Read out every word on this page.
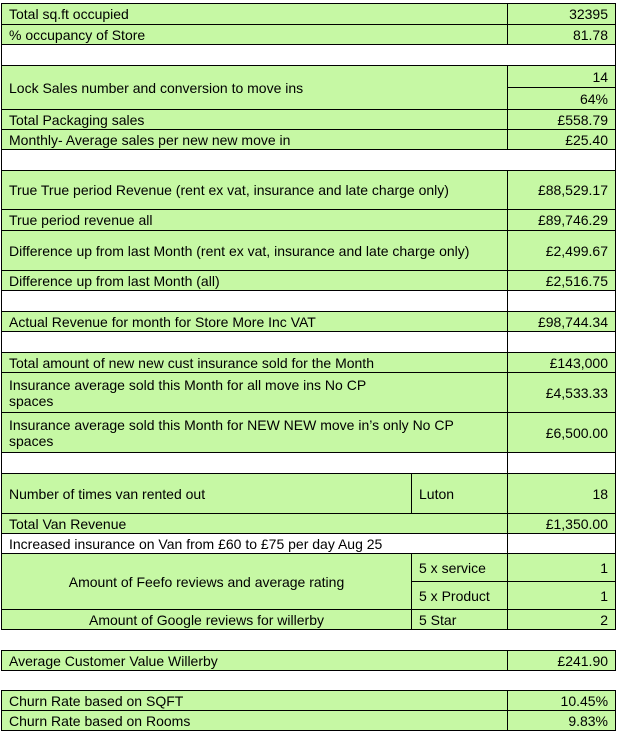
Total sq.ft occupied		32395
% occupancy of Store		81.78

Lock Sales number and conversion to move ins		14
		64%
Total Packaging sales		£558.79
Monthly- Average sales per new new move in		£25.40

True True period Revenue (rent ex vat, insurance and late charge only)		£88,529.17
True period revenue all		£89,746.29
Difference up from last Month (rent ex vat, insurance and late charge only)		£2,499.67
Difference up from last Month (all)		£2,516.75

Actual Revenue for month for Store More Inc VAT		£98,744.34

Total amount of new new cust insurance sold for the Month		£143,000

Insurance average sold this Month for all move ins No CP spaces		£4,533.33

Insurance average sold this Month for NEW NEW move in’s only No CP spaces		£6,500.00

Number of times van rented out	Luton	18
Total Van Revenue		£1,350.00
Increased insurance on Van from £60 to £75 per day Aug 25		
Amount of Feefo reviews and average rating	5 x service	1
	5 x Product	1
Amount of Google reviews for willerby	5 Star	2

Average Customer Value Willerby		£241.90

Churn Rate based on SQFT		10.45%
Churn Rate based on Rooms		9.83%
